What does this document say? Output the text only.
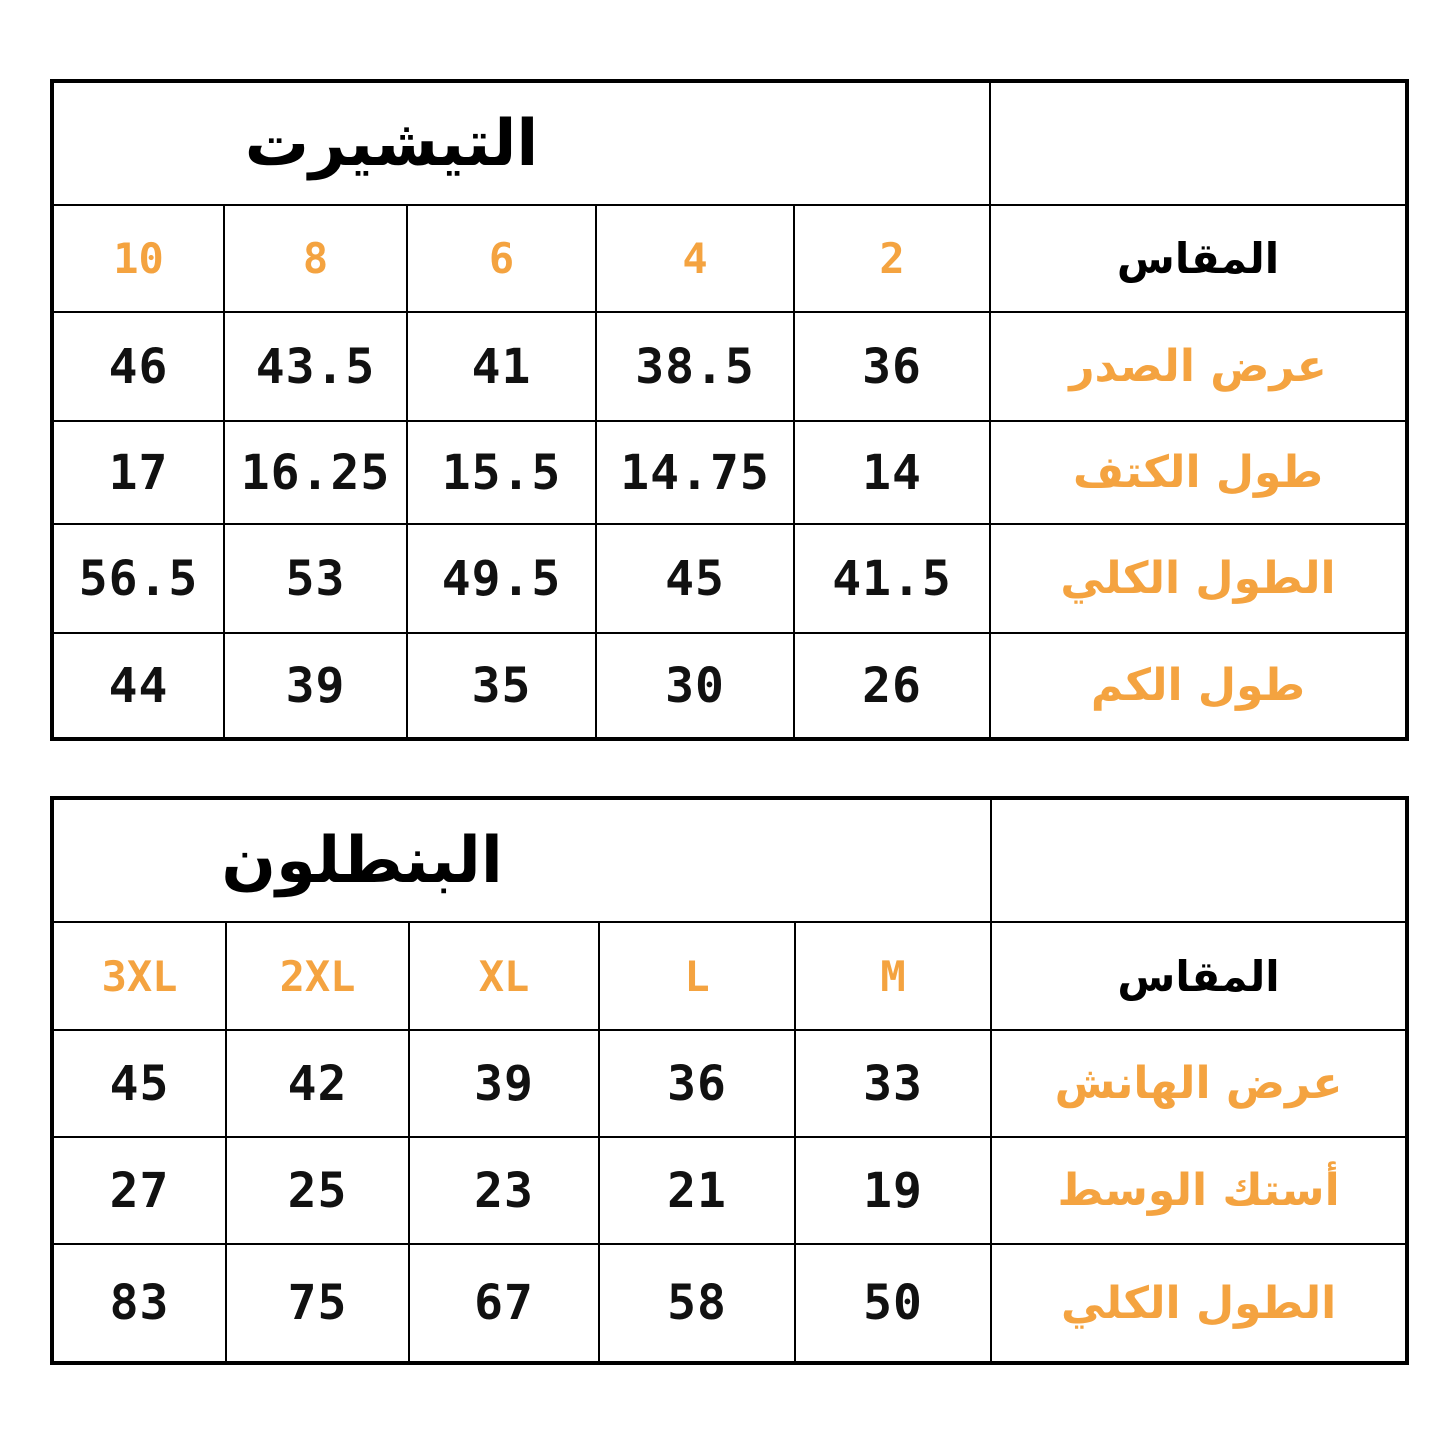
التيشيرت					
10	8	6	4	2	المقاس
46	43.5	41	38.5	36	عرض الصدر
17	16.25	15.5	14.75	14	طول الكتف
56.5	53	49.5	45	41.5	الطول الكلي
44	39	35	30	26	طول الكم
البنطلون					
3XL	2XL	XL	L	M	المقاس
45	42	39	36	33	عرض الهانش
27	25	23	21	19	أستك الوسط
83	75	67	58	50	الطول الكلي
